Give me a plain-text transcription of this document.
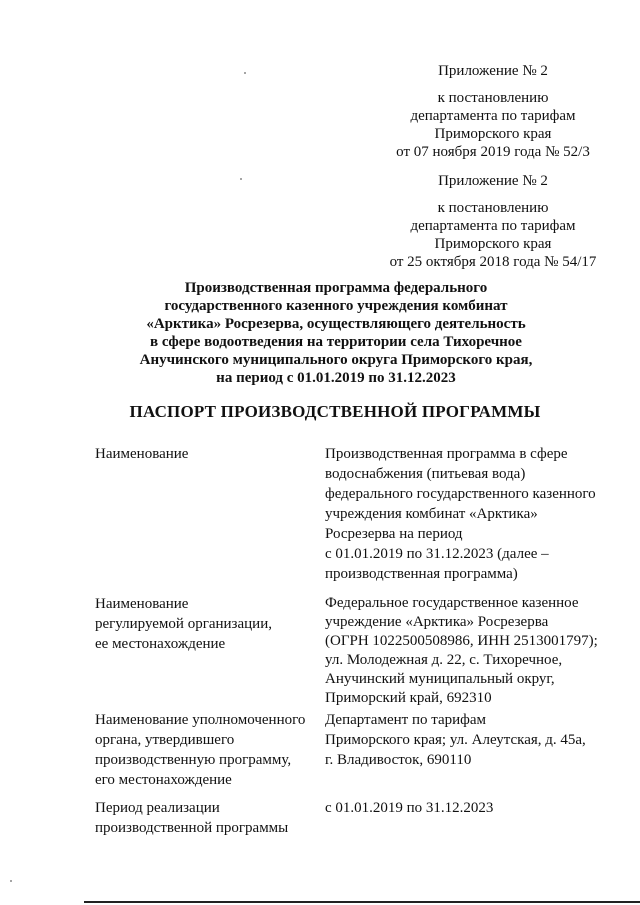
Приложение № 2
к постановлению
департамента по тарифам
Приморского края
от 07 ноября 2019 года № 52/3
Приложение № 2
к постановлению
департамента по тарифам
Приморского края
от 25 октября 2018 года № 54/17
Производственная программа федерального
государственного казенного учреждения комбинат
«Арктика» Росрезерва, осуществляющего деятельность
в сфере водоотведения на территории села Тихоречное
Анучинского муниципального округа Приморского края,
на период с 01.01.2019 по 31.12.2023
ПАСПОРТ ПРОИЗВОДСТВЕННОЙ ПРОГРАММЫ
Наименование	Производственная программа в сфере
водоснабжения (питьевая вода)
федерального государственного казенного
учреждения комбинат «Арктика»
Росрезерва на период
с 01.01.2019 по 31.12.2023 (далее –
производственная программа)
Наименование
регулируемой организации,
ее местонахождение
Федеральное государственное казенное
учреждение «Арктика» Росрезерва
(ОГРН 1022500508986, ИНН 2513001797);
ул. Молодежная д. 22, с. Тихоречное,
Анучинский муниципальный округ,
Приморский край, 692310
Наименование уполномоченного
органа, утвердившего
производственную программу,
его местонахождение
Департамент по тарифам
Приморского края; ул. Алеутская, д. 45а,
г. Владивосток, 690110
Период реализации
производственной программы
с 01.01.2019 по 31.12.2023
